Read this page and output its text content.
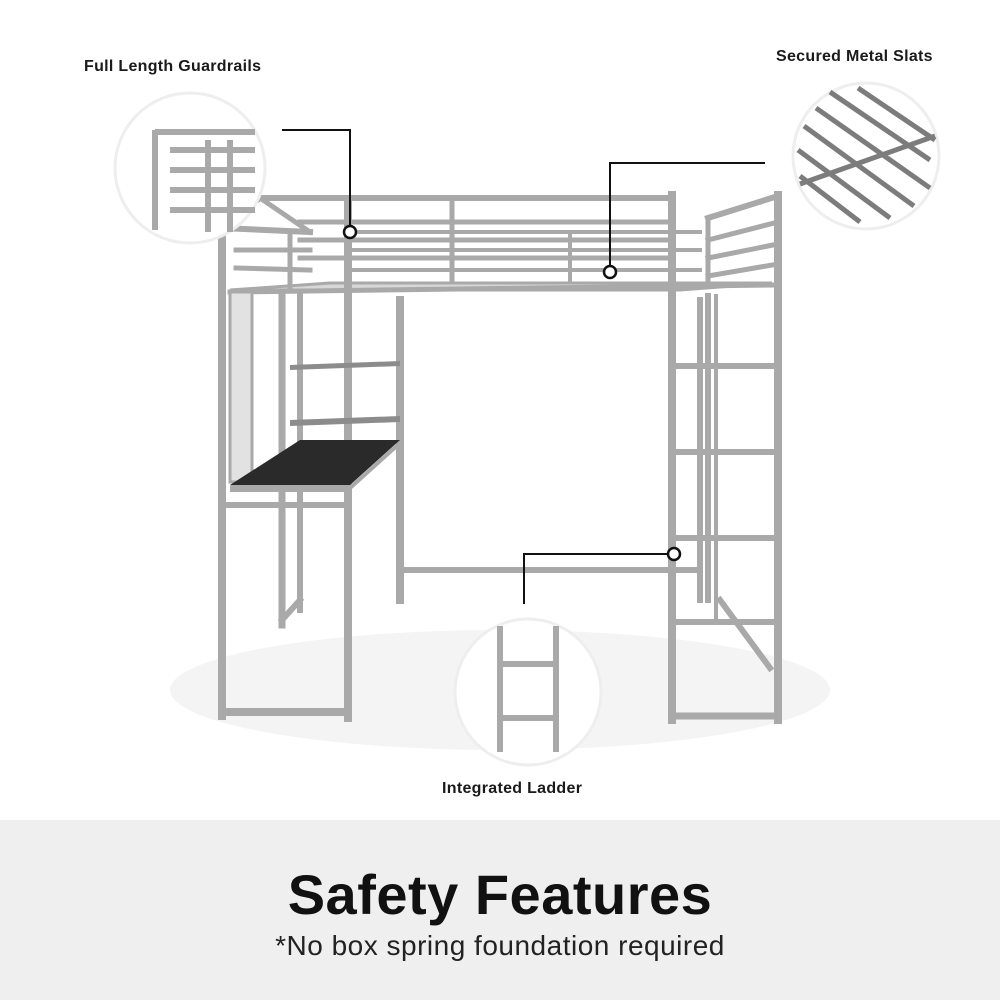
Full Length Guardrails
Secured Metal Slats
Integrated Ladder
Safety Features
*No box spring foundation required
